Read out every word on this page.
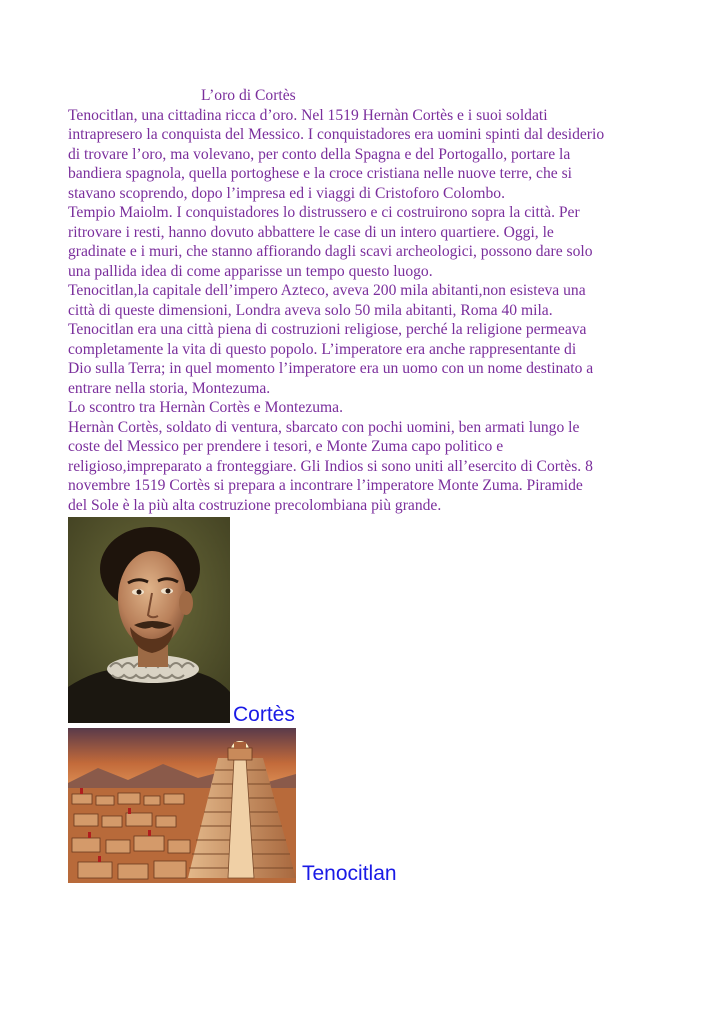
L’oro di Cortès

Tenocitlan, una cittadina ricca d’oro. Nel 1519 Hernàn Cortès e i suoi soldati

intrapresero la conquista del Messico. I conquistadores era uomini spinti dal desiderio

di trovare l’oro, ma volevano, per conto della Spagna e del Portogallo, portare la

bandiera spagnola, quella portoghese e la croce cristiana nelle nuove terre, che si

stavano scoprendo, dopo l’impresa ed i viaggi di Cristoforo Colombo.

Tempio Maiolm. I conquistadores lo distrussero e ci costruirono sopra la città. Per

ritrovare i resti, hanno dovuto abbattere le case di un intero quartiere. Oggi, le

gradinate e i muri, che stanno affiorando dagli scavi archeologici, possono dare solo

una pallida idea di come apparisse un tempo questo luogo.

Tenocitlan,la capitale dell’impero Azteco, aveva 200 mila abitanti,non esisteva una

città di queste dimensioni, Londra aveva solo 50 mila abitanti, Roma 40 mila.

Tenocitlan era una città piena di costruzioni religiose, perché la religione permeava

completamente la vita di questo popolo. L’imperatore era anche rappresentante di

Dio sulla Terra; in quel momento l’imperatore era un uomo con un nome destinato a

entrare nella storia, Montezuma.

Lo scontro tra Hernàn Cortès e Montezuma.

Hernàn Cortès, soldato di ventura, sbarcato con pochi uomini, ben armati lungo le

coste del Messico per prendere i tesori, e Monte Zuma capo politico e

religioso,impreparato a fronteggiare. Gli Indios si sono uniti all’esercito di Cortès. 8

novembre 1519 Cortès si prepara a incontrare l’imperatore Monte Zuma. Piramide

del Sole è la più alta costruzione precolombiana più grande.

Cortès
Tenocitlan
